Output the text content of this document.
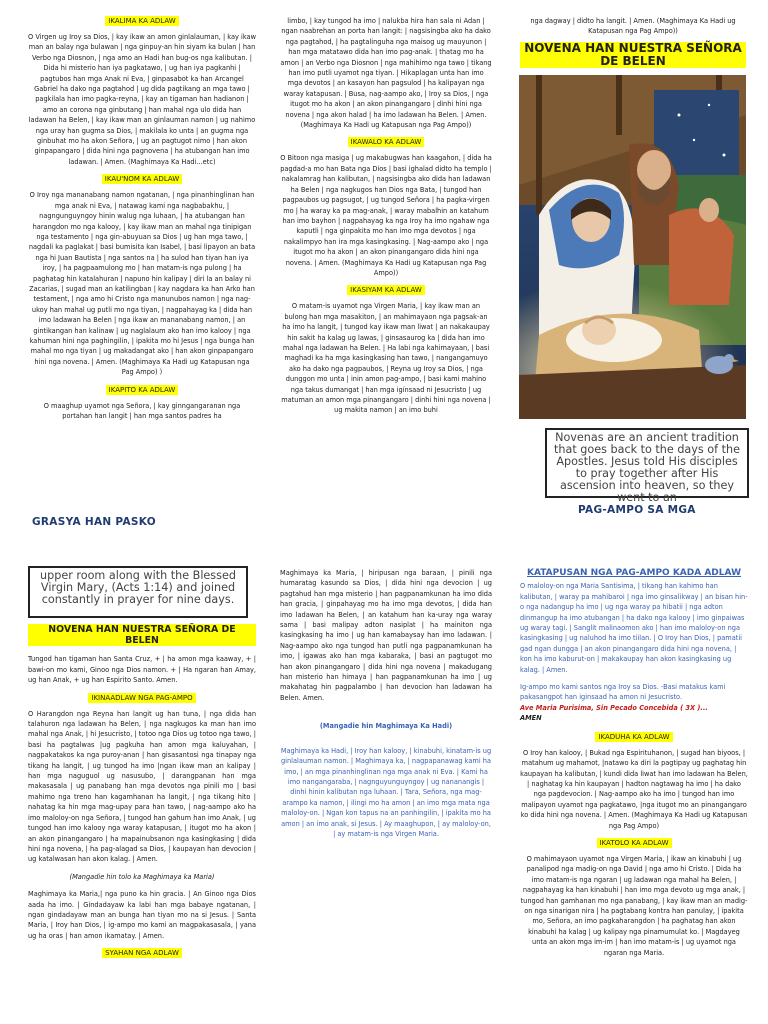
IKALIMA KA ADLAW

O Virgen ug Iroy sa Dios, | kay ikaw an amon ginlalauman, | kay ikaw man an balay nga bulawan | nga ginpuy-an hin siyam ka bulan | han Verbo nga Diosnon, | nga amo an Hadi han bug-os nga kalibutan. | Dida hi misterio han iya pagkatawo, | ug han iya pagkanhi | pagtubos han mga Anak ni Eva, | ginpasabot ka han Arcangel Gabriel ha dako nga pagtahod | ug dida pagtikang an mga tawo | pagkilala han imo pagka-reyna, | kay an tigaman han hadianon | amo an corona nga ginbutang | han mahal nga ulo dida han ladawan ha Belen, | kay ikaw man an ginlauman namon | ug nahimo nga uray han gugma sa Dios, | makilala ko unta | an gugma nga ginbuhat mo ha akon Señora, | ug an pagtugot nimo | han akon ginpapangaro | dida hini nga pagnovena | ha atubangan han imo ladawan. | Amen. (Maghimaya Ka Hadi...etc)

IKAU'NOM KA ADLAW

O Iroy nga mananabang namon ngatanan, | nga pinanhinglinan han mga anak ni Eva, | natawag kami nga nagbabakhu, | nagngunguyngoy hinin walug nga luhaan, | ha atubangan han harangdon mo nga kalooy, | kay ikaw man an mahal nga tinipigan nga testamento | nga gin-abuyuan sa Dios | ug han mga tawo, | nagdali ka paglakat | basi bumisita kan Isabel, | basi lipayon an bata nga hi Juan Bautista | nga santos na | ha sulod han tiyan han iya iroy, | ha pagpaamulong mo | han matam-is nga pulong | ha paghatag hin katalahuran | napuno hin kalipay | diri la an balay ni Zacarias, | sugad man an katilingban | kay nagdara ka han Arko han testament, | nga amo hi Cristo nga manunubos namon | nga nag-ukoy han mahal ug putli mo nga tiyan, | nagpahayag ka | dida han imo ladawan ha Belen | nga ikaw an mananabang namon, | an gintikangan han kalinaw | ug naglalaum ako han imo kalooy | nga kahuman hini nga paghingilin, | ipakita mo hi Jesus | nga bunga han mahal mo nga tiyan | ug makadangat ako | han akon ginpapangaro hini nga novena. | Amen. (Maghimaya Ka Hadi ug Katapusan nga Pag Ampo) )

IKAPITO KA ADLAW

O maaghup uyamot nga Señora, | kay ginngangaranan nga portahan han langit | han mga santos padres ha

limbo, | kay tungod ha imo | nalukba hira han sala ni Adan | ngan naabrehan an porta han langit: | nagsisingba ako ha dako nga pagtahod, | ha pagtalinguha nga maisog ug mauyunon | han mga matatawo dida han imo pag-anak. | thatag mo ha amon | an Verbo nga Diosnon | nga mahihimo nga tawo | tikang han imo putli uyamot nga tiyan. | Hikaplagan unta han imo mga devotos | an kasayon han pagsulod | ha kalipayan nga waray katapusan. | Busa, nag-aampo ako, | Iroy sa Dios, | nga itugot mo ha akon | an akon pinangangaro | dinhi hini nga novena | nga akon halad | ha imo ladawan ha Belen. | Amen. (Maghimaya Ka Hadi ug Katapusan nga Pag Ampo))

IKAWALO KA ADLAW

O Bitoon nga masiga | ug makabugwas han kaagahon, | dida ha pagdad-a mo han Bata nga Dios | basi ighalad didto ha templo | nakalamrag han kalibutan, | nagsisingba ako dida han ladawan ha Belen | nga nagkugos han Dios nga Bata, | tungod han pagpaubos ug pagsugot, | ug tungod Señora | ha pagka-virgen mo | ha waray ka pa mag-anak, | waray mabalhin an katahum han imo bayhon | nagpahayag ka nga Iroy ha imo ngahaw nga kaputli | nga ginpakita mo han imo mga devotos | nga nakalimpyo han ira mga kasingkasing. | Nag-aampo ako | nga itugot mo ha akon | an akon pinangangaro dida hini nga novena. | Amen. (Maghimaya Ka Hadi ug Katapusan nga Pag Ampo))

IKASIYAM KA ADLAW

O matam-is uyamot nga Virgen Maria, | kay ikaw man an bulong han mga masakiton, | an mahimayaon nga pagsak-an ha imo ha langit, | tungod kay ikaw man liwat | an nakakaupay hin sakit ha kalag ug lawas, | ginsasaurog ka | dida han imo mahal nga ladawan ha Belen. | Ha labi nga kahimayaan, | basi maghadi ka ha mga kasingkasing han tawo, | nangangamuyo ako ha dako nga pagpaubos, | Reyna ug Iroy sa Dios, | nga dunggon mo unta | inin amon pag-ampo, | basi kami mahino nga takus dumangat | han mga igínsaad ni Jesucristo | ug matuman an amon mga pinangangaro | dinhi hini nga novena | ug makita namon | an imo buhi

nga dagway | didto ha langit. | Amen. (Maghimaya Ka Hadi ug Katapusan nga Pag Ampo))

NOVENA HAN NUESTRA SEÑORA DE BELEN
Novenas are an ancient tradition that goes back to the days of the Apostles. Jesus told His disciples to pray together after His ascension into heaven, so they went to an
GRASYA HAN PASKO
PAG-AMPO SA MGA
upper room along with the Blessed Virgin Mary, (Acts 1:14) and joined constantly in prayer for nine days.
NOVENA HAN NUESTRA SEÑORA DE BELEN

Tungod han tigaman han Santa Cruz, + | ha amon mga kaaway, + | bawi-on mo kami, Ginoo nga Dios namon. + | Ha ngaran han Amay, ug han Anak, + ug han Espirito Santo. Amen.

IKINAADLAW NGA PAG-AMPO

O Harangdon nga Reyna han langit ug han tuna, | nga dida han talahuron nga ladawan ha Belen, | nga nagkugos ka man han imo mahal nga Anak, | hi Jesucristo, | totoo nga Dios ug totoo nga tawo, | basi ha pagtalwas |ug pagkuha han amon mga kaluyahan, | nagpakatakos ka nga puroy-anan | han gisasantosi nga tinapay nga tikang ha langit, | ug tungod ha imo |ngan ikaw man an kalipay | han mga naguguol ug nasusubo, | darangpanan han mga makasasala | ug panabang han mga devotos nga pinili mo | basi mahimo nga treno han kagamhanan ha langit, | nga tikang hito | nahatag ka hin mga mag-upay para han tawo, | nag-aampo ako ha imo maloloy-on nga Señora, | tungod han gahum han imo Anak, | ug tungod han imo kalooy nga waray katapusan, | itugot mo ha akon | an akon pinangangaro | ha mapainubsanon nga kasingkasing | dida hini nga novena, | ha pag-alagad sa Dios, | kaupayan han devocion | ug katalwasan han akon kalag. | Amen.

(Mangadie hin tolo ka Maghimaya ka Maria)

Maghimaya ka Maria,| nga puno ka hin gracia. | An Ginoo nga Dios aada ha imo. | Gindadayaw ka labi han mga babaye ngatanan, | ngan gindadayaw man an bunga han tiyan mo na si Jesus. | Santa Maria, | Iroy han Dios, | ig-ampo mo kami an magpakasasala, | yana ug ha oras | han amon ikamatay. | Amen.

SYAHAN NGA ADLAW

Maghimaya ka Maria, | hiripusan nga baraan, | pinili nga humaratag kasundo sa Dios, | dida hini nga devocion | ug pagtahud han mga misterio | han pagpanamkunan ha imo dida han gracia, | ginpahayag mo ha imo mga devotos, | dida han imo ladawan ha Belen, | an katahum han ka-uray nga waray sama | basi malipay adton nasiplat | ha mainiton nga kasingkasing ha imo | ug han kamabaysay han imo ladawan. | Nag-aampo ako nga tungod han putli nga pagpanamkunan ha imo, | igawas ako han mga kabaraka, | basi an pagtugot mo han akon pinangangaro | dida hini nga novena | makadugang han misterio han himaya | han pagpanamkunan ha imo | ug makahatag hin pagpalambo | han devocion han ladawan ha Belen. Amen.

(Mangadie hin Maghimaya Ka Hadi)

Maghimaya ka Hadi, | Iroy han kalooy, | kinabuhi, kinatam-is ug ginlalauman namon. | Maghimaya ka, | nagpapanawag kami ha imo, | an mga pinanhinglinan nga mga anak ni Eva. | Kami ha imo nangangaraba, | nagnguyunguyngoy | ug nananangis | dinhi hinin kalibutan nga luhaan. | Tara, Señora, nga mag-arampo ka namon, | ilingi mo ha amon | an imo mga mata nga maloloy-on. | Ngan kon tapus na an panhingilin, | ipakita mo ha amon | an imo anak, si Jesus. | Ay maaghupon, | ay maloloy-on, | ay matam-is nga Virgen Maria.

KATAPUSAN NGA PAG-AMPO KADA ADLAW

O maloloy-on nga Maria Santisima, | tikang han kahimo han kalibutan, | waray pa mahibaroi | nga imo ginsalikway | an bisan hin-o nga nadangup ha imo | ug nga waray pa hibatii | nga adton dinmangup ha imo atubangan | ha dako nga kalooy | imo ginpaiwas ug waray tagi. | Sanglit malinaomon ako | han imo maloloy-on nga kasingkasing | ug naluhod ha imo tiilan. | O Iroy han Dios, | pamatii gad ngan dungga | an akon pinangangaro dida hini nga novena, | kon ha imo kaburut-on | makakaupay han akon kasingkasing ug kalag. | Amen.

Ig-ampo mo kami santos nga Iroy sa Dios. -Basi matakus kami pakasangpot han iginsaad ha amon ni Jesucristo.

Ave Maria Purisima, Sin Pecado Concebida ( 3X )...

AMEN

IKADUHA KA ADLAW

O Iroy han kalooy, | Bukad nga Espirituhanon, | sugad han biyoos, | matahum ug mahamot, |natawo ka diri la pagtipay ug paghatag hin kaupayan ha kalibutan, | kundi dida liwat han imo ladawan ha Belen, | naghatag ka hin kaupayan | hadton nagtawag ha imo | ha dako nga pagdevocion. | Nag-aampo ako ha imo | tungod han imo malipayon uyamot nga pagkatawo, |nga itugot mo an pinangangaro ko dida hini nga novena. | Amen. (Maghimaya Ka Hadi ug Katapusan nga Pag Ampo)

IKATOLO KA ADLAW

O mahimayaon uyamot nga Virgen Maria, | ikaw an kinabuhi | ug panalipod nga madig-on nga David | nga amo hi Cristo. | Dida ha imo matam-is nga ngaran | ug ladawan nga mahal ha Belen, | nagpahayag ka han kinabuhi | han imo mga devoto ug mga anak, | tungod han gamhanan mo nga panabang, | kay ikaw man an madig-on nga sinarigan nira | ha pagtabang kontra han panulay, | ipakita mo, Señora, an imo pagkaharangdon | ha paghatag han akon kinabuhi ha kalag | ug kalipay nga pinamumulat ko. | Magdayeg unta an akon mga im-im | han imo matam-is | ug uyamot nga ngaran nga Maria.
